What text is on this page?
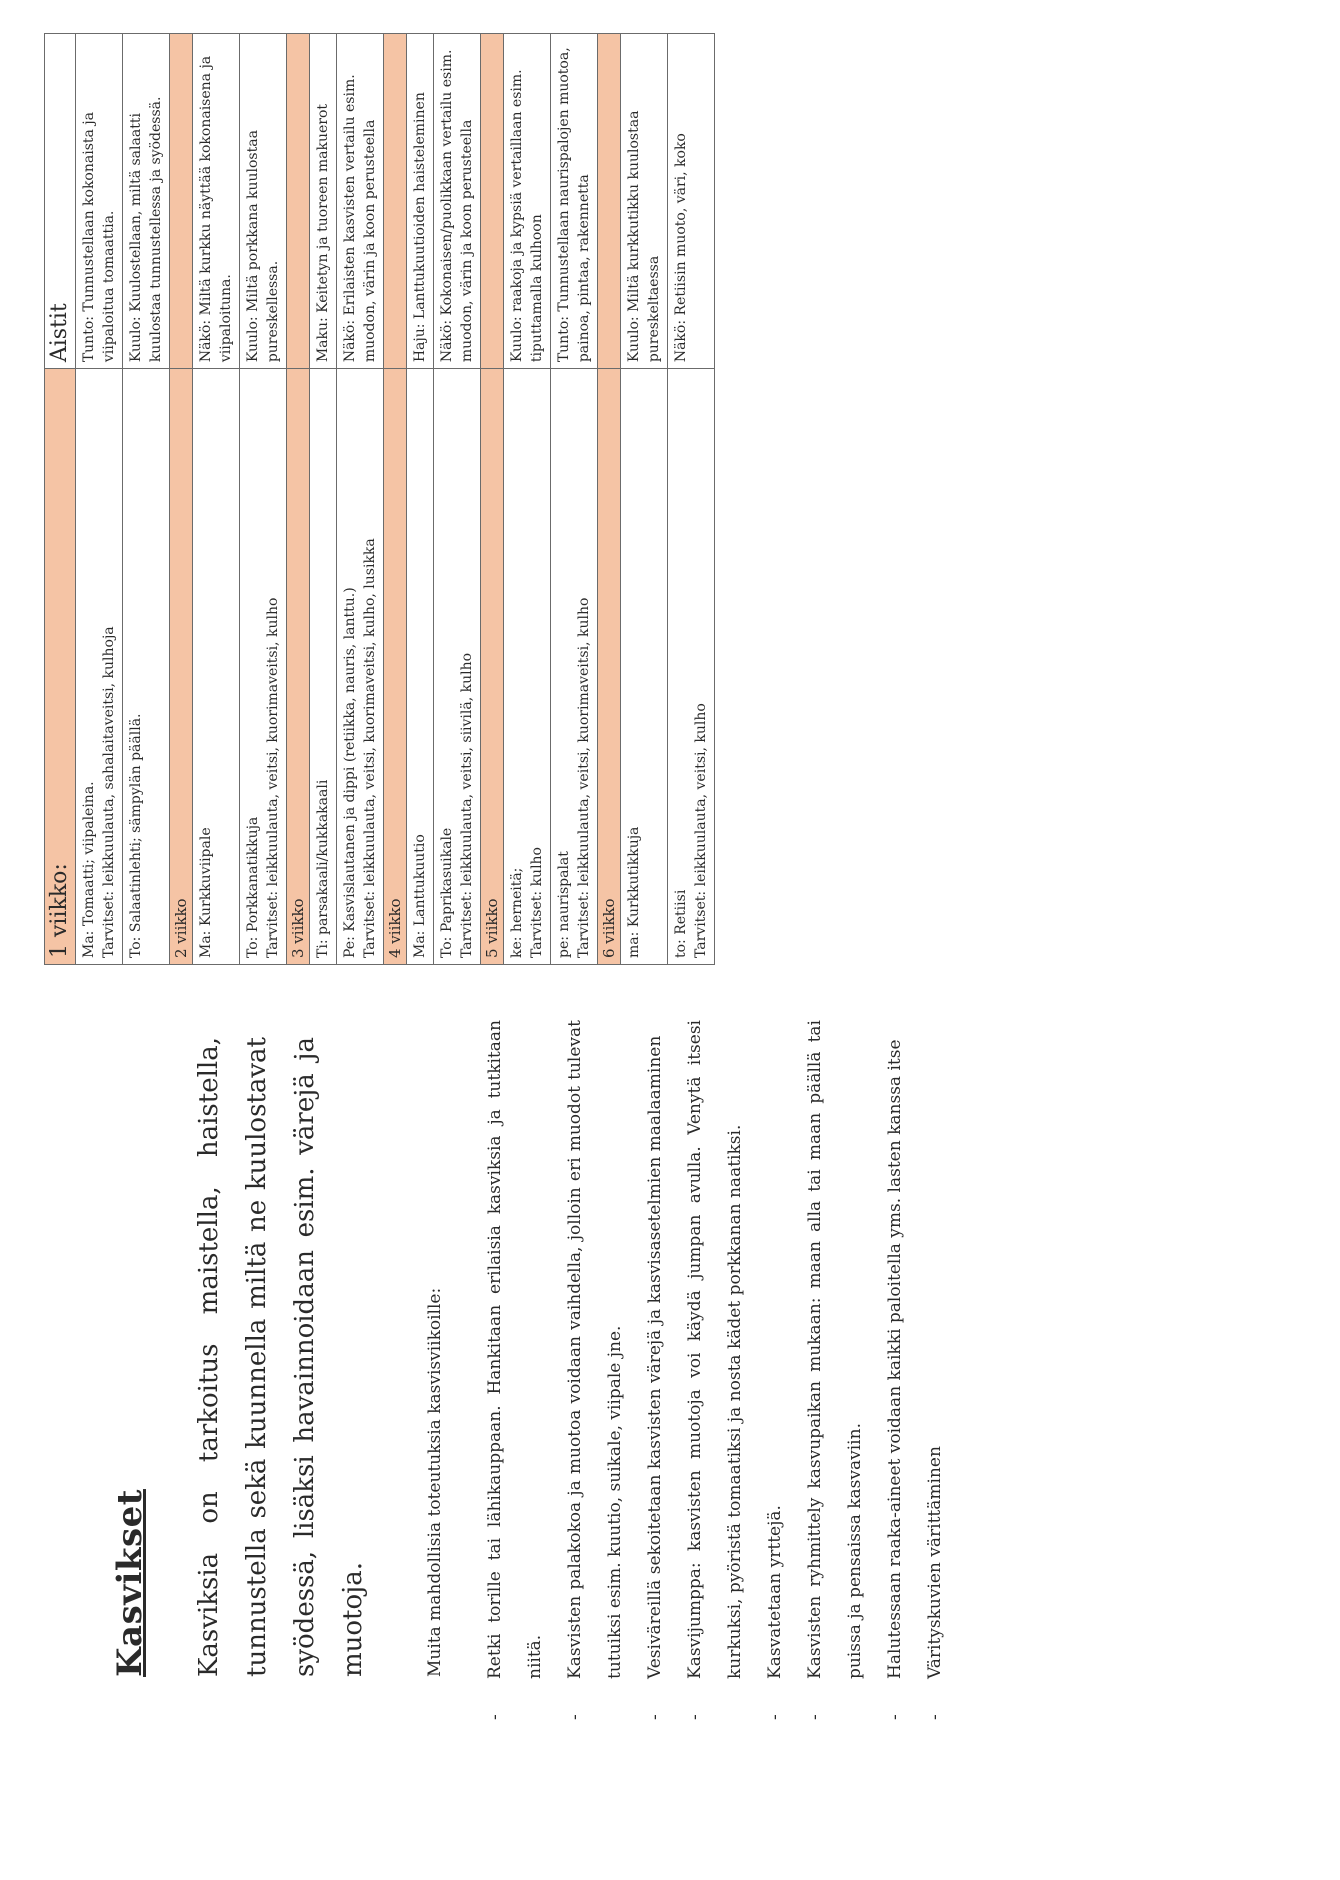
Kasvikset	Kasviksia on tarkoitus maistella, haistella, tunnustella sekä kuunnella miltä ne kuulostavat syödessä, lisäksi havainnoidaan esim. värejä ja muotoja.	Muita mahdollisia toteutuksia kasvisviikoille:
-
Retki torille tai lähikauppaan. Hankitaan erilaisia kasviksia ja tutkitaan niitä.
-
Kasvisten palakokoa ja muotoa voidaan vaihdella, jolloin eri muodot tulevat tutuiksi esim. kuutio, suikale, viipale jne.
-
Vesiväreillä sekoitetaan kasvisten värejä ja kasvisasetelmien maalaaminen
-
Kasvijumppa: kasvisten muotoja voi käydä jumpan avulla. Venytä itsesi kurkuksi, pyöristä tomaatiksi ja nosta kädet porkkanan naatiksi.
-
Kasvatetaan yrttejä.
-
Kasvisten ryhmittely kasvupaikan mukaan: maan alla tai maan päällä tai puissa ja pensaissa kasvaviin.
-
Halutessaan raaka-aineet voidaan kaikki paloitella yms. lasten kanssa itse
-
Värityskuvien värittäminen
1 viikko:	Aistit

Ma: Tomaatti; viipaleina. Tarvitset: leikkuulauta, sahalaitaveitsi, kulhoja	Tunto: Tunnustellaan kokonaista ja viipaloitua tomaattia.

To: Salaatinlehti; sämpylän päällä.	Kuulo: Kuulostellaan, miltä salaatti kuulostaa tunnustellessa ja syödessä.

2 viikko	

Ma: Kurkkuviipale	Näkö: Miltä kurkku näyttää kokonaisena ja viipaloituna.

To: Porkkanatikkuja Tarvitset: leikkuulauta, veitsi, kuorimaveitsi, kulho	Kuulo: Miltä porkkana kuulostaa pureskellessa.

3 viikko	

Ti: parsakaali/kukkakaali	Maku: Keitetyn ja tuoreen makuerot

Pe: Kasvislautanen ja dippi (retiikka, nauris, lanttu.) Tarvitset: leikkuulauta, veitsi, kuorimaveitsi, kulho, lusikka	Näkö: Erilaisten kasvisten vertailu esim. muodon, värin ja koon perusteella

4 viikko	

Ma: Lanttukuutio	Haju: Lanttukuutioiden haisteleminen

To: Paprikasuikale Tarvitset: leikkuulauta, veitsi, siivilä, kulho	Näkö: Kokonaisen/puolikkaan vertailu esim. muodon, värin ja koon perusteella

5 viikko	

ke: herneitä; Tarvitset: kulho	Kuulo: raakoja ja kypsiä vertaillaan esim. tiputtamalla kulhoon

pe: naurispalat Tarvitset: leikkuulauta, veitsi, kuorimaveitsi, kulho	Tunto: Tunnustellaan naurispalojen muotoa, painoa, pintaa, rakennetta

6 viikko	

ma: Kurkkutikkuja	Kuulo: Miltä kurkkutikku kuulostaa pureskeltaessa

to: Retiisi Tarvitset: leikkuulauta, veitsi, kulho	Näkö: Retiisin muoto, väri, koko
